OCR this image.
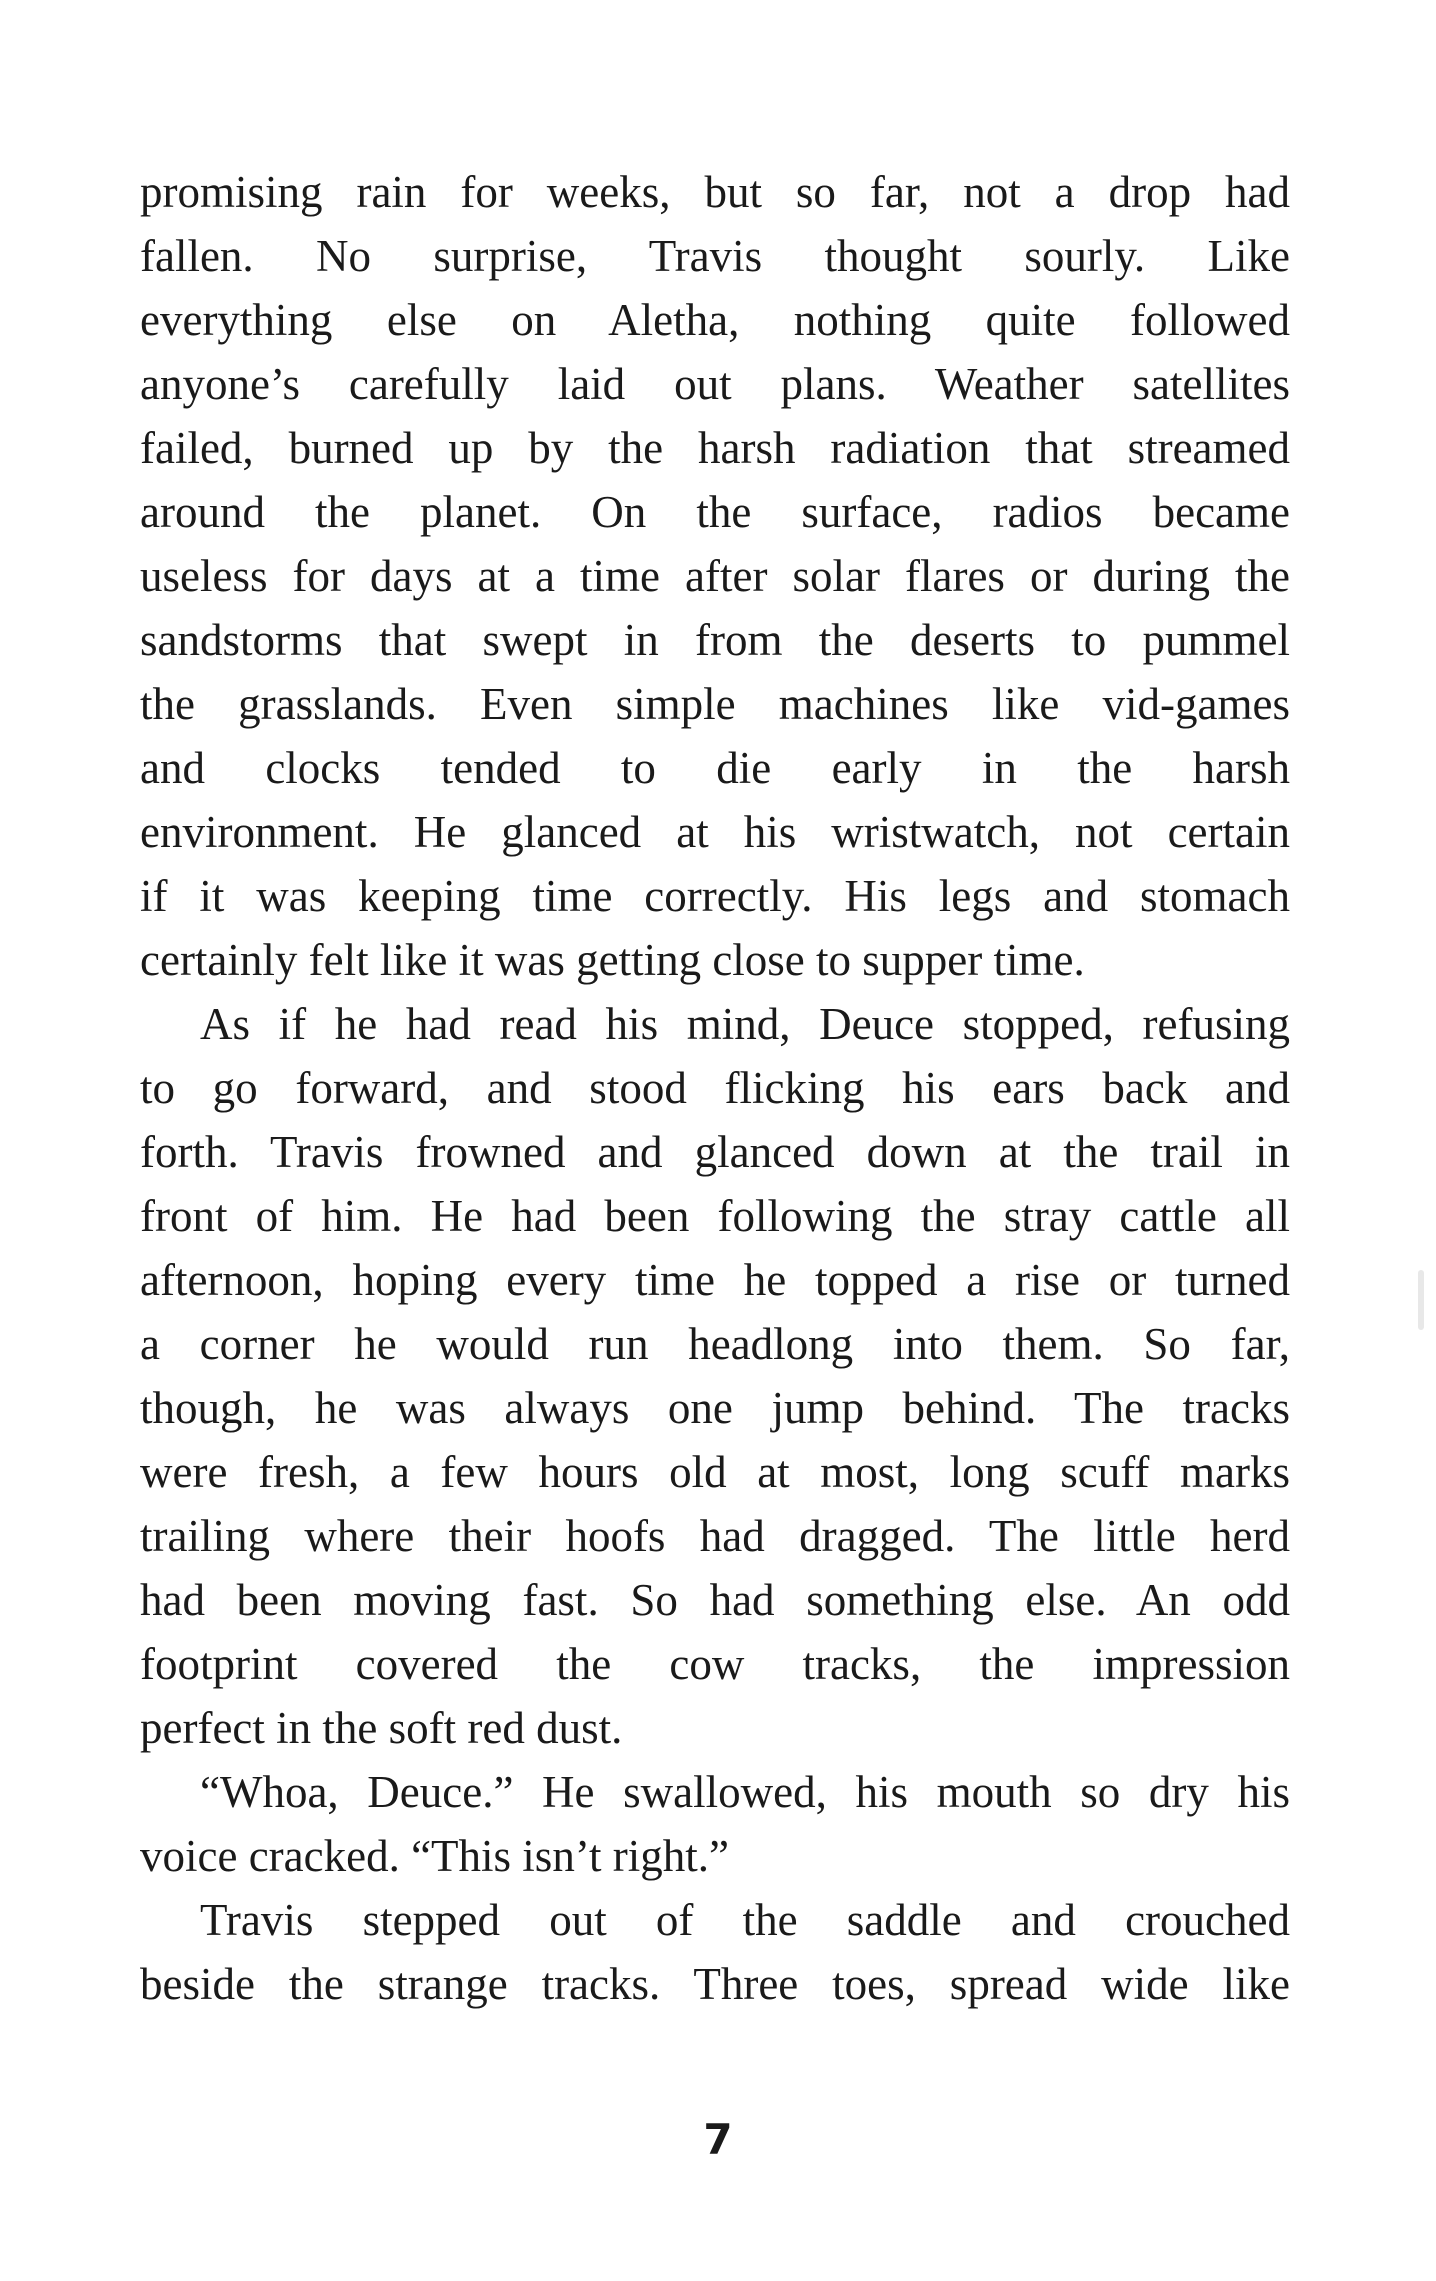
promising rain for weeks, but so far, not a drop had

fallen. No surprise, Travis thought sourly. Like

everything else on Aletha, nothing quite followed

anyone’s carefully laid out plans. Weather satellites

failed, burned up by the harsh radiation that streamed

around the planet. On the surface, radios became

useless for days at a time after solar flares or during the

sandstorms that swept in from the deserts to pummel

the grasslands. Even simple machines like vid-games

and clocks tended to die early in the harsh

environment. He glanced at his wristwatch, not certain

if it was keeping time correctly. His legs and stomach

certainly felt like it was getting close to supper time.

As if he had read his mind, Deuce stopped, refusing

to go forward, and stood flicking his ears back and

forth. Travis frowned and glanced down at the trail in

front of him. He had been following the stray cattle all

afternoon, hoping every time he topped a rise or turned

a corner he would run headlong into them. So far,

though, he was always one jump behind. The tracks

were fresh, a few hours old at most, long scuff marks

trailing where their hoofs had dragged. The little herd

had been moving fast. So had something else. An odd

footprint covered the cow tracks, the impression

perfect in the soft red dust.

“Whoa, Deuce.” He swallowed, his mouth so dry his

voice cracked. “This isn’t right.”

Travis stepped out of the saddle and crouched

beside the strange tracks. Three toes, spread wide like

7
